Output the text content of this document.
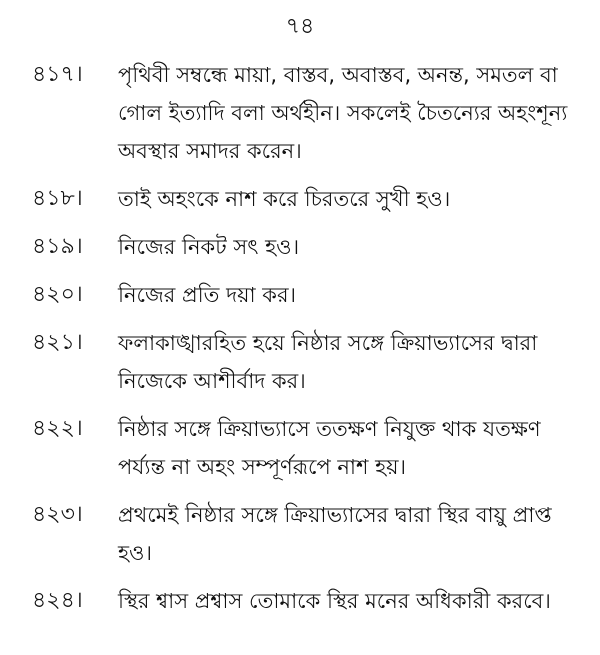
৭৪
৪১৭।	পৃথিবী সম্বন্ধে মায়া, বাস্তব, অবাস্তব, অনন্ত, সমতল বা গোল ইত্যাদি বলা অর্থহীন। সকলেই চৈতন্যের অহংশূন্য অবস্থার সমাদর করেন।
৪১৮।	তাই অহংকে নাশ করে চিরতরে সুখী হও।
৪১৯।	নিজের নিকট সৎ হও।
৪২০।	নিজের প্রতি দয়া কর।
৪২১।	ফলাকাঙ্খারহিত হয়ে নিষ্ঠার সঙ্গে ক্রিয়াভ্যাসের দ্বারা নিজেকে আশীর্বাদ কর।
৪২২।	নিষ্ঠার সঙ্গে ক্রিয়াভ্যাসে ততক্ষণ নিযুক্ত থাক যতক্ষণ পর্য্যন্ত না অহং সম্পূর্ণরূপে নাশ হয়।
৪২৩।	প্রথমেই নিষ্ঠার সঙ্গে ক্রিয়াভ্যাসের দ্বারা স্থির বায়ু প্রাপ্ত হও।
৪২৪।	স্থির শ্বাস প্রশ্বাস তোমাকে স্থির মনের অধিকারী করবে।
